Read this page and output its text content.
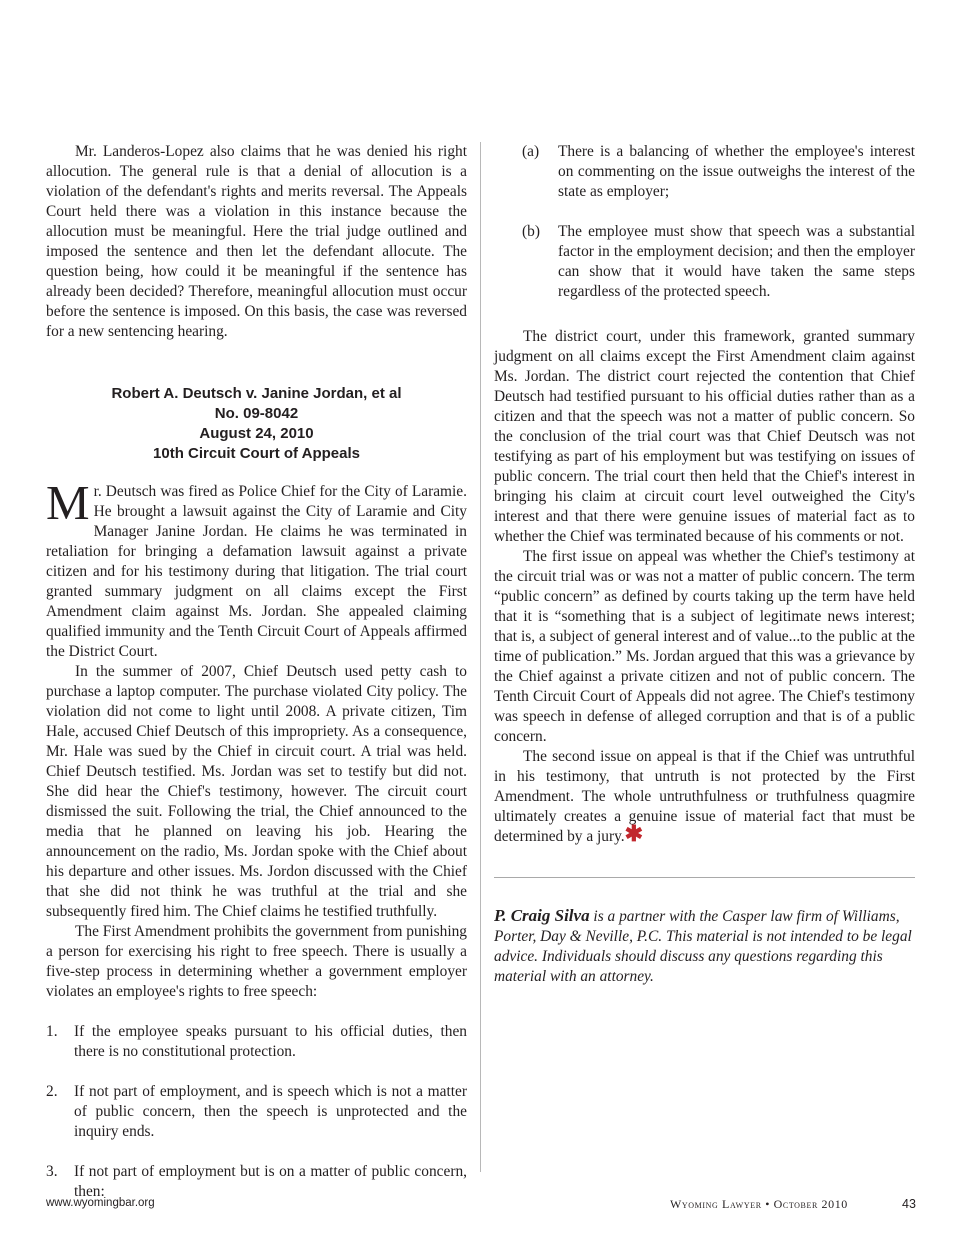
Mr. Landeros-Lopez also claims that he was denied his right allocution. The general rule is that a denial of allocution is a violation of the defendant's rights and merits reversal. The Appeals Court held there was a violation in this instance because the allocution must be meaningful. Here the trial judge outlined and imposed the sentence and then let the defendant allocute. The question being, how could it be meaningful if the sentence has already been decided? Therefore, meaningful allocution must occur before the sentence is imposed. On this basis, the case was reversed for a new sentencing hearing.

Robert A. Deutsch v. Janine Jordan, et al
No. 09-8042
August 24, 2010
10th Circuit Court of Appeals

Mr. Deutsch was fired as Police Chief for the City of Laramie. He brought a lawsuit against the City of Laramie and City Manager Janine Jordan. He claims he was terminated in retaliation for bringing a defamation lawsuit against a private citizen and for his testimony during that litigation. The trial court granted summary judgment on all claims except the First Amendment claim against Ms. Jordan. She appealed claiming qualified immunity and the Tenth Circuit Court of Appeals affirmed the District Court.

In the summer of 2007, Chief Deutsch used petty cash to purchase a laptop computer. The purchase violated City policy. The violation did not come to light until 2008. A private citizen, Tim Hale, accused Chief Deutsch of this impropriety. As a consequence, Mr. Hale was sued by the Chief in circuit court. A trial was held. Chief Deutsch testified. Ms. Jordan was set to testify but did not. She did hear the Chief's testimony, however. The circuit court dismissed the suit. Following the trial, the Chief announced to the media that he planned on leaving his job. Hearing the announcement on the radio, Ms. Jordan spoke with the Chief about his departure and other issues. Ms. Jordon discussed with the Chief that she did not think he was truthful at the trial and she subsequently fired him. The Chief claims he testified truthfully.

The First Amendment prohibits the government from punishing a person for exercising his right to free speech. There is usually a five-step process in determining whether a government employer violates an employee's rights to free speech:

1.	If the employee speaks pursuant to his official duties, then there is no constitutional protection.
2.	If not part of employment, and is speech which is not a matter of public concern, then the speech is unprotected and the inquiry ends.
3.	If not part of employment but is on a matter of public concern, then:
(a)	There is a balancing of whether the employee's interest on commenting on the issue outweighs the interest of the state as employer;
(b)	The employee must show that speech was a substantial factor in the employment decision; and then the employer can show that it would have taken the same steps regardless of the protected speech.

The district court, under this framework, granted summary judgment on all claims except the First Amendment claim against Ms. Jordan. The district court rejected the contention that Chief Deutsch had testified pursuant to his official duties rather than as a citizen and that the speech was not a matter of public concern. So the conclusion of the trial court was that Chief Deutsch was not testifying as part of his employment but was testifying on issues of public concern. The trial court then held that the Chief's interest in bringing his claim at circuit court level outweighed the City's interest and that there were genuine issues of material fact as to whether the Chief was terminated because of his comments or not.

The first issue on appeal was whether the Chief's testimony at the circuit trial was or was not a matter of public concern. The term “public concern” as defined by courts taking up the term have held that it is “something that is a subject of legitimate news interest; that is, a subject of general interest and of value...to the public at the time of publication.” Ms. Jordan argued that this was a grievance by the Chief against a private citizen and not of public concern. The Tenth Circuit Court of Appeals did not agree. The Chief's testimony was speech in defense of alleged corruption and that is of a public concern.

The second issue on appeal is that if the Chief was untruthful in his testimony, that untruth is not protected by the First Amendment. The whole untruthfulness or truthfulness quagmire ultimately creates a genuine issue of material fact that must be determined by a jury.✱

P. Craig Silva is a partner with the Casper law firm of Williams, Porter, Day & Neville, P.C. This material is not intended to be legal advice. Individuals should discuss any questions regarding this material with an attorney.

www.wyomingbar.org	Wyoming Lawyer • October 2010	43
